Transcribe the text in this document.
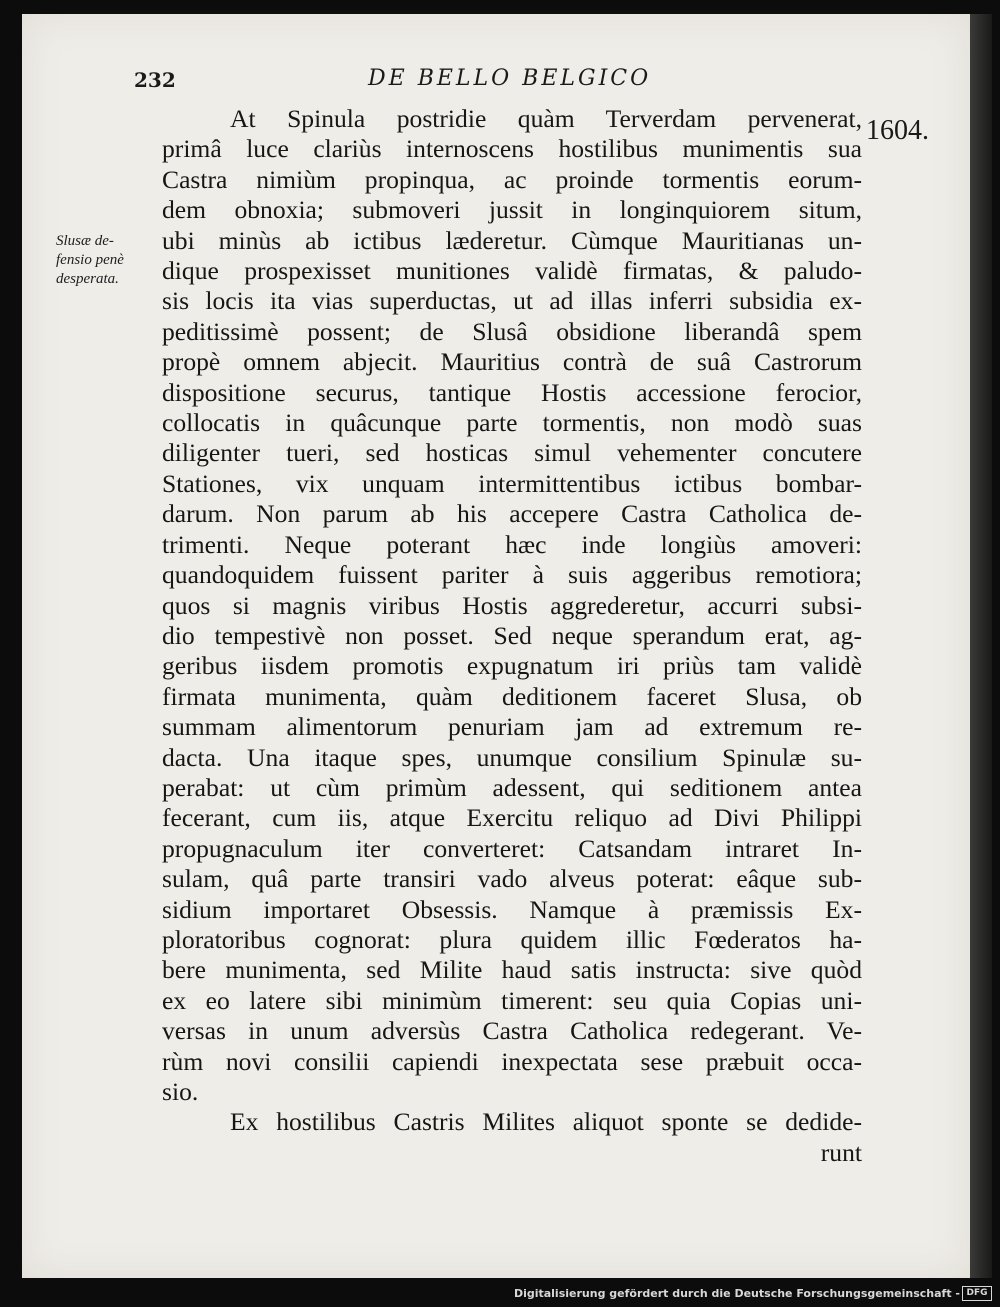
232	DE BELLO BELGICO
1604.
Slusæ de-
fensio penè
desperata.
At Spinula postridie quàm Terverdam pervenerat,
primâ luce clariùs internoscens hostilibus munimentis sua
Castra nimiùm propinqua, ac proinde tormentis eorum-
dem obnoxia; submoveri jussit in longinquiorem situm,
ubi minùs ab ictibus læderetur. Cùmque Mauritianas un-
dique prospexisset munitiones validè firmatas, & paludo-
sis locis ita vias superductas, ut ad illas inferri subsidia ex-
peditissimè possent; de Slusâ obsidione liberandâ spem
propè omnem abjecit. Mauritius contrà de suâ Castrorum
dispositione securus, tantique Hostis accessione ferocior,
collocatis in quâcunque parte tormentis, non modò suas
diligenter tueri, sed hosticas simul vehementer concutere
Stationes, vix unquam intermittentibus ictibus bombar-
darum. Non parum ab his accepere Castra Catholica de-
trimenti. Neque poterant hæc inde longiùs amoveri:
quandoquidem fuissent pariter à suis aggeribus remotiora;
quos si magnis viribus Hostis aggrederetur, accurri subsi-
dio tempestivè non posset. Sed neque sperandum erat, ag-
geribus iisdem promotis expugnatum iri priùs tam validè
firmata munimenta, quàm deditionem faceret Slusa, ob
summam alimentorum penuriam jam ad extremum re-
dacta. Una itaque spes, unumque consilium Spinulæ su-
perabat: ut cùm primùm adessent, qui seditionem antea
fecerant, cum iis, atque Exercitu reliquo ad Divi Philippi
propugnaculum iter converteret: Catsandam intraret In-
sulam, quâ parte transiri vado alveus poterat: eâque sub-
sidium importaret Obsessis. Namque à præmissis Ex-
ploratoribus cognorat: plura quidem illic Fœderatos ha-
bere munimenta, sed Milite haud satis instructa: sive quòd
ex eo latere sibi minimùm timerent: seu quia Copias uni-
versas in unum adversùs Castra Catholica redegerant. Ve-
rùm novi consilii capiendi inexpectata sese præbuit occa-
sio.
Ex hostilibus Castris Milites aliquot sponte se dedide-
runt
Digitalisierung gefördert durch die Deutsche Forschungsgemeinschaft - DFG
